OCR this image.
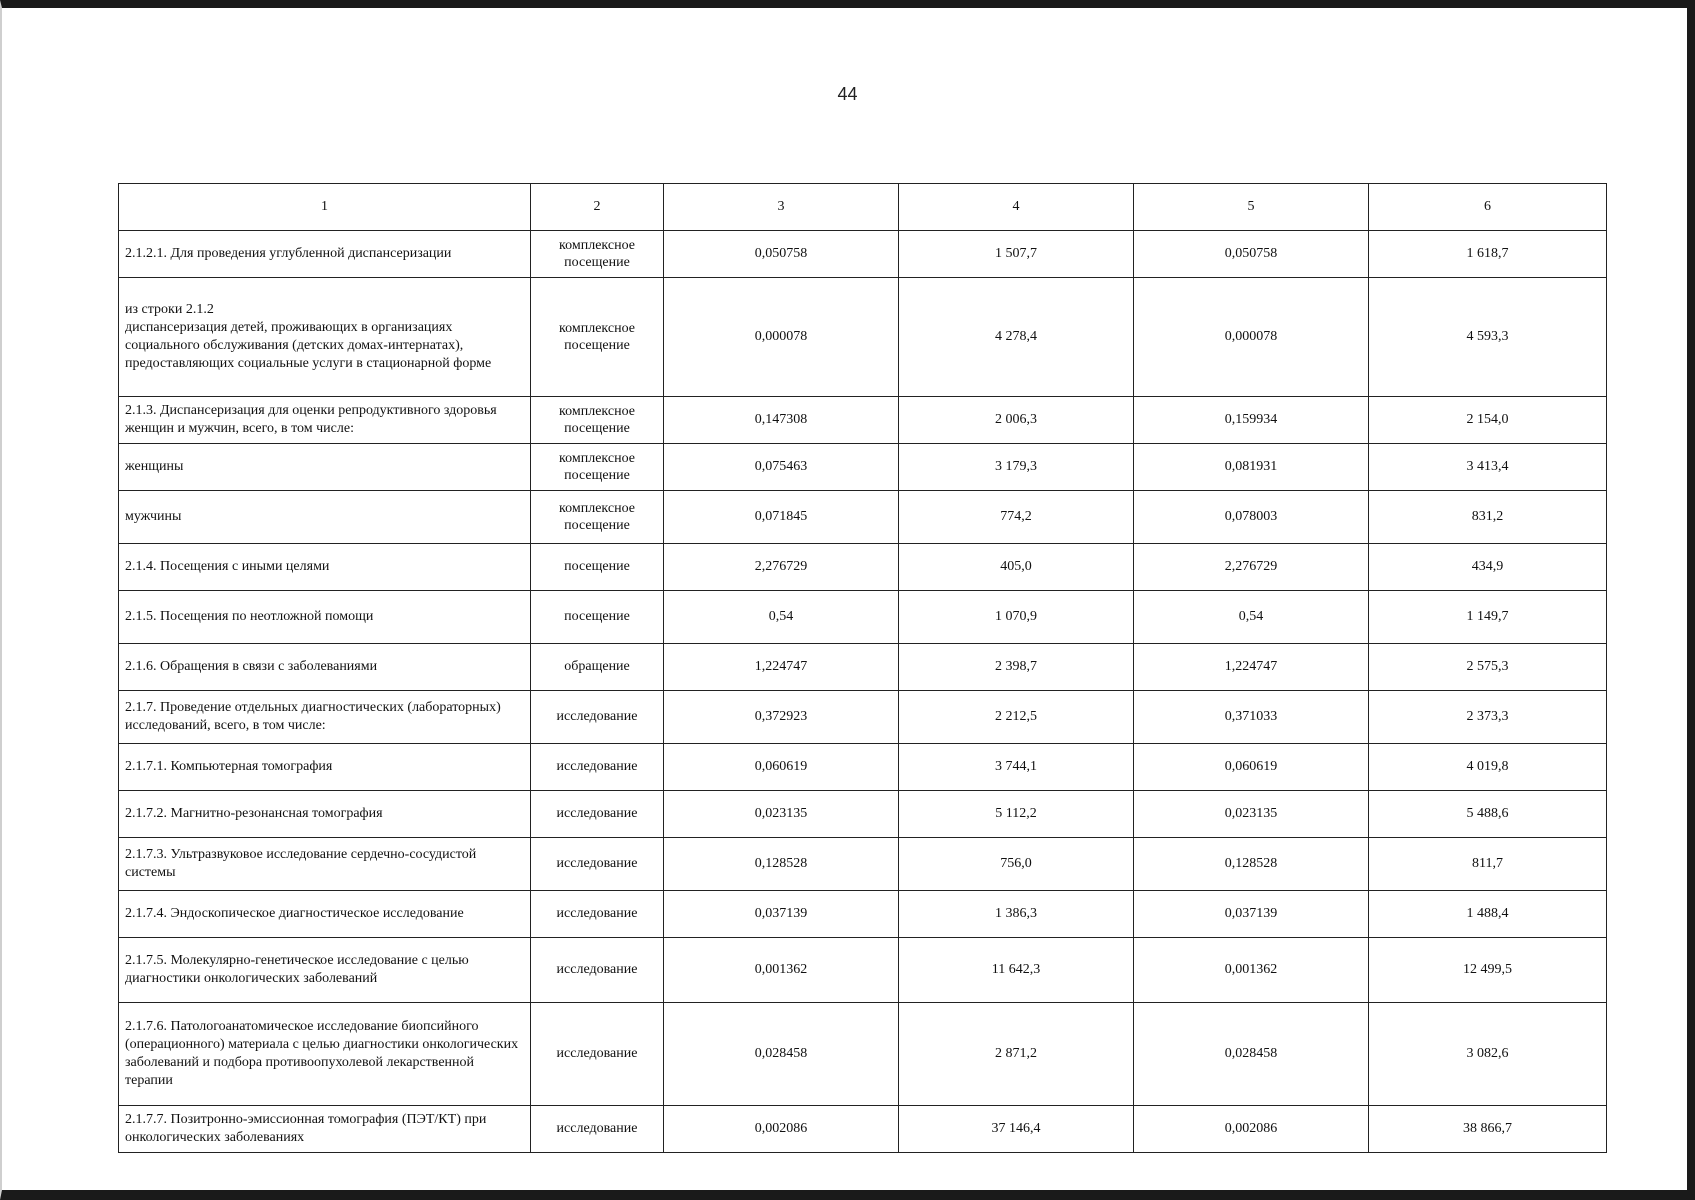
44
1	2	3	4	5	6
2.1.2.1. Для проведения углубленной диспансеризации	комплексное посещение	0,050758	1 507,7	0,050758	1 618,7
из строки 2.1.2
диспансеризация детей, проживающих в организациях социального обслуживания (детских домах-интернатах), предоставляющих социальные услуги в стационарной форме	комплексное посещение	0,000078	4 278,4	0,000078	4 593,3
2.1.3. Диспансеризация для оценки репродуктивного здоровья женщин и мужчин, всего, в том числе:	комплексное посещение	0,147308	2 006,3	0,159934	2 154,0
женщины	комплексное посещение	0,075463	3 179,3	0,081931	3 413,4
мужчины	комплексное посещение	0,071845	774,2	0,078003	831,2
2.1.4. Посещения с иными целями	посещение	2,276729	405,0	2,276729	434,9
2.1.5. Посещения по неотложной помощи	посещение	0,54	1 070,9	0,54	1 149,7
2.1.6. Обращения в связи с заболеваниями	обращение	1,224747	2 398,7	1,224747	2 575,3
2.1.7. Проведение отдельных диагностических (лабораторных) исследований, всего, в том числе:	исследование	0,372923	2 212,5	0,371033	2 373,3
2.1.7.1. Компьютерная томография	исследование	0,060619	3 744,1	0,060619	4 019,8
2.1.7.2. Магнитно-резонансная томография	исследование	0,023135	5 112,2	0,023135	5 488,6
2.1.7.3. Ультразвуковое исследование сердечно-сосудистой системы	исследование	0,128528	756,0	0,128528	811,7
2.1.7.4. Эндоскопическое диагностическое исследование	исследование	0,037139	1 386,3	0,037139	1 488,4
2.1.7.5. Молекулярно-генетическое исследование с целью диагностики онкологических заболеваний	исследование	0,001362	11 642,3	0,001362	12 499,5
2.1.7.6. Патологоанатомическое исследование биопсийного (операционного) материала с целью диагностики онкологических заболеваний и подбора противоопухолевой лекарственной терапии	исследование	0,028458	2 871,2	0,028458	3 082,6
2.1.7.7. Позитронно-эмиссионная томография (ПЭТ/КТ) при онкологических заболеваниях	исследование	0,002086	37 146,4	0,002086	38 866,7
